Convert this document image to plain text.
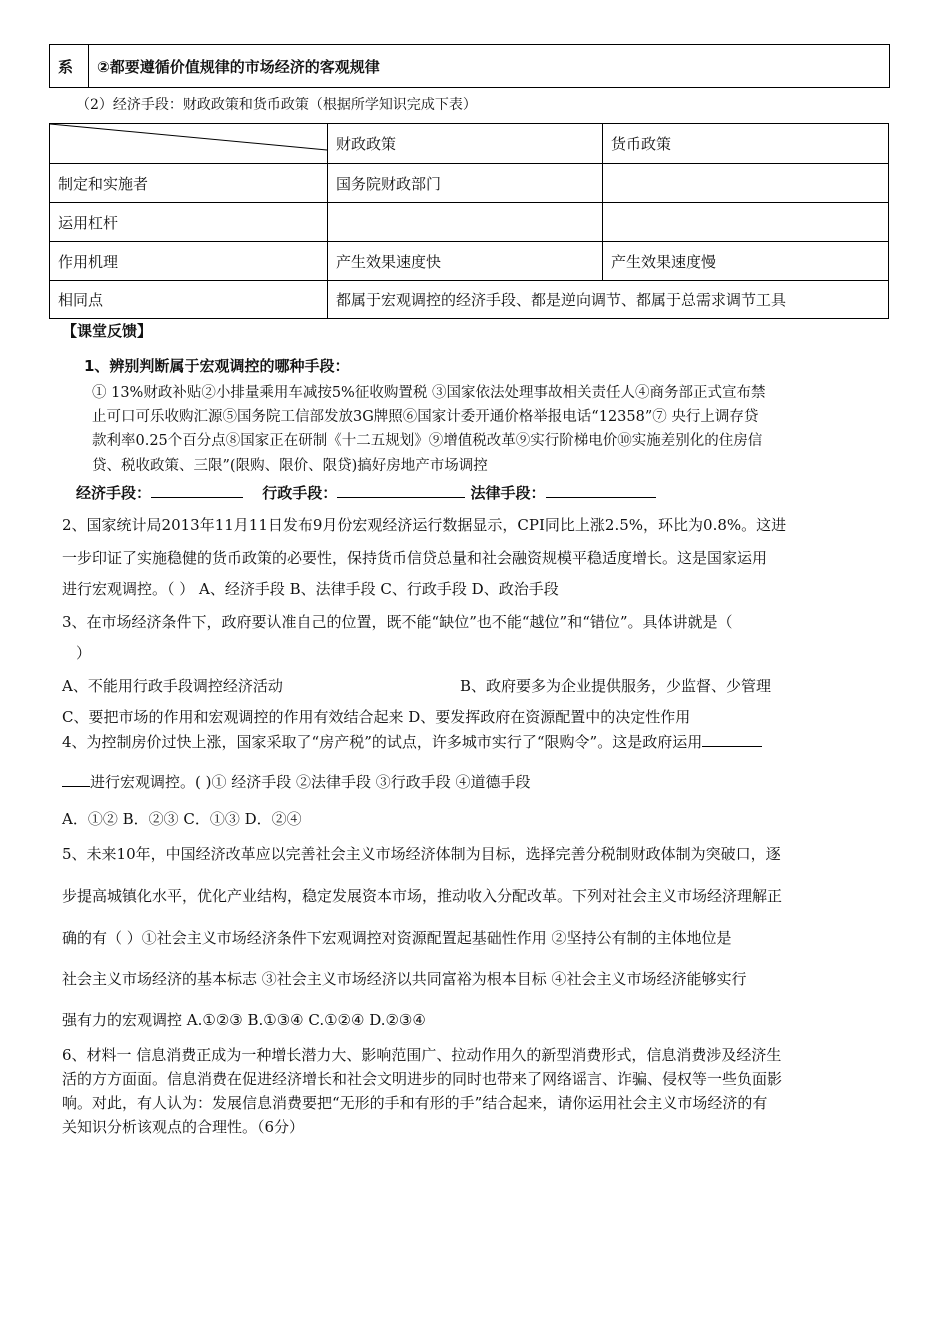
系	②都要遵循价值规律的市场经济的客观规律
（2）经济手段：财政政策和货币政策（根据所学知识完成下表）
	财政政策	货币政策
制定和实施者	国务院财政部门	
运用杠杆		
作用机理	产生效果速度快	产生效果速度慢
相同点	都属于宏观调控的经济手段、都是逆向调节、都属于总需求调节工具	
【课堂反馈】
1、辨别判断属于宏观调控的哪种手段：
① 13%财政补贴②小排量乘用车减按5%征收购置税 ③国家依法处理事故相关责任人④商务部正式宣布禁
止可口可乐收购汇源⑤国务院工信部发放3G牌照⑥国家计委开通价格举报电话“12358”⑦ 央行上调存贷
款利率0.25个百分点⑧国家正在研制《十二五规划》⑨增值税改革⑨实行阶梯电价⑩实施差别化的住房信
贷、税收政策、三限”(限购、限价、限贷)搞好房地产市场调控
经济手段：	行政手段：	法律手段：
2、国家统计局2013年11月11日发布9月份宏观经济运行数据显示，CPI同比上涨2.5%，环比为0.8%。这进
一步印证了实施稳健的货币政策的必要性，保持货币信贷总量和社会融资规模平稳适度增长。这是国家运用
进行宏观调控。（ ） A、经济手段 B、法律手段 C、行政手段 D、政治手段
3、在市场经济条件下，政府要认准自己的位置，既不能“缺位”也不能“越位”和“错位”。具体讲就是（
）
A、不能用行政手段调控经济活动	B、政府要多为企业提供服务，少监督、少管理
C、要把市场的作用和宏观调控的作用有效结合起来 D、要发挥政府在资源配置中的决定性作用
4、为控制房价过快上涨，国家采取了“房产税”的试点，许多城市实行了“限购令”。这是政府运用
进行宏观调控。( )① 经济手段 ②法律手段 ③行政手段 ④道德手段
A．①② B．②③ C．①③ D．②④
5、未来10年，中国经济改革应以完善社会主义市场经济体制为目标，选择完善分税制财政体制为突破口，逐
步提高城镇化水平，优化产业结构，稳定发展资本市场，推动收入分配改革。下列对社会主义市场经济理解正
确的有（ ）①社会主义市场经济条件下宏观调控对资源配置起基础性作用 ②坚持公有制的主体地位是
社会主义市场经济的基本标志 ③社会主义市场经济以共同富裕为根本目标 ④社会主义市场经济能够实行
强有力的宏观调控 A.①②③ B.①③④ C.①②④ D.②③④
6、材料一 信息消费正成为一种增长潜力大、影响范围广、拉动作用久的新型消费形式，信息消费涉及经济生
活的方方面面。信息消费在促进经济增长和社会文明进步的同时也带来了网络谣言、诈骗、侵权等一些负面影
响。对此，有人认为：发展信息消费要把“无形的手和有形的手”结合起来，请你运用社会主义市场经济的有
关知识分析该观点的合理性。（6分）
